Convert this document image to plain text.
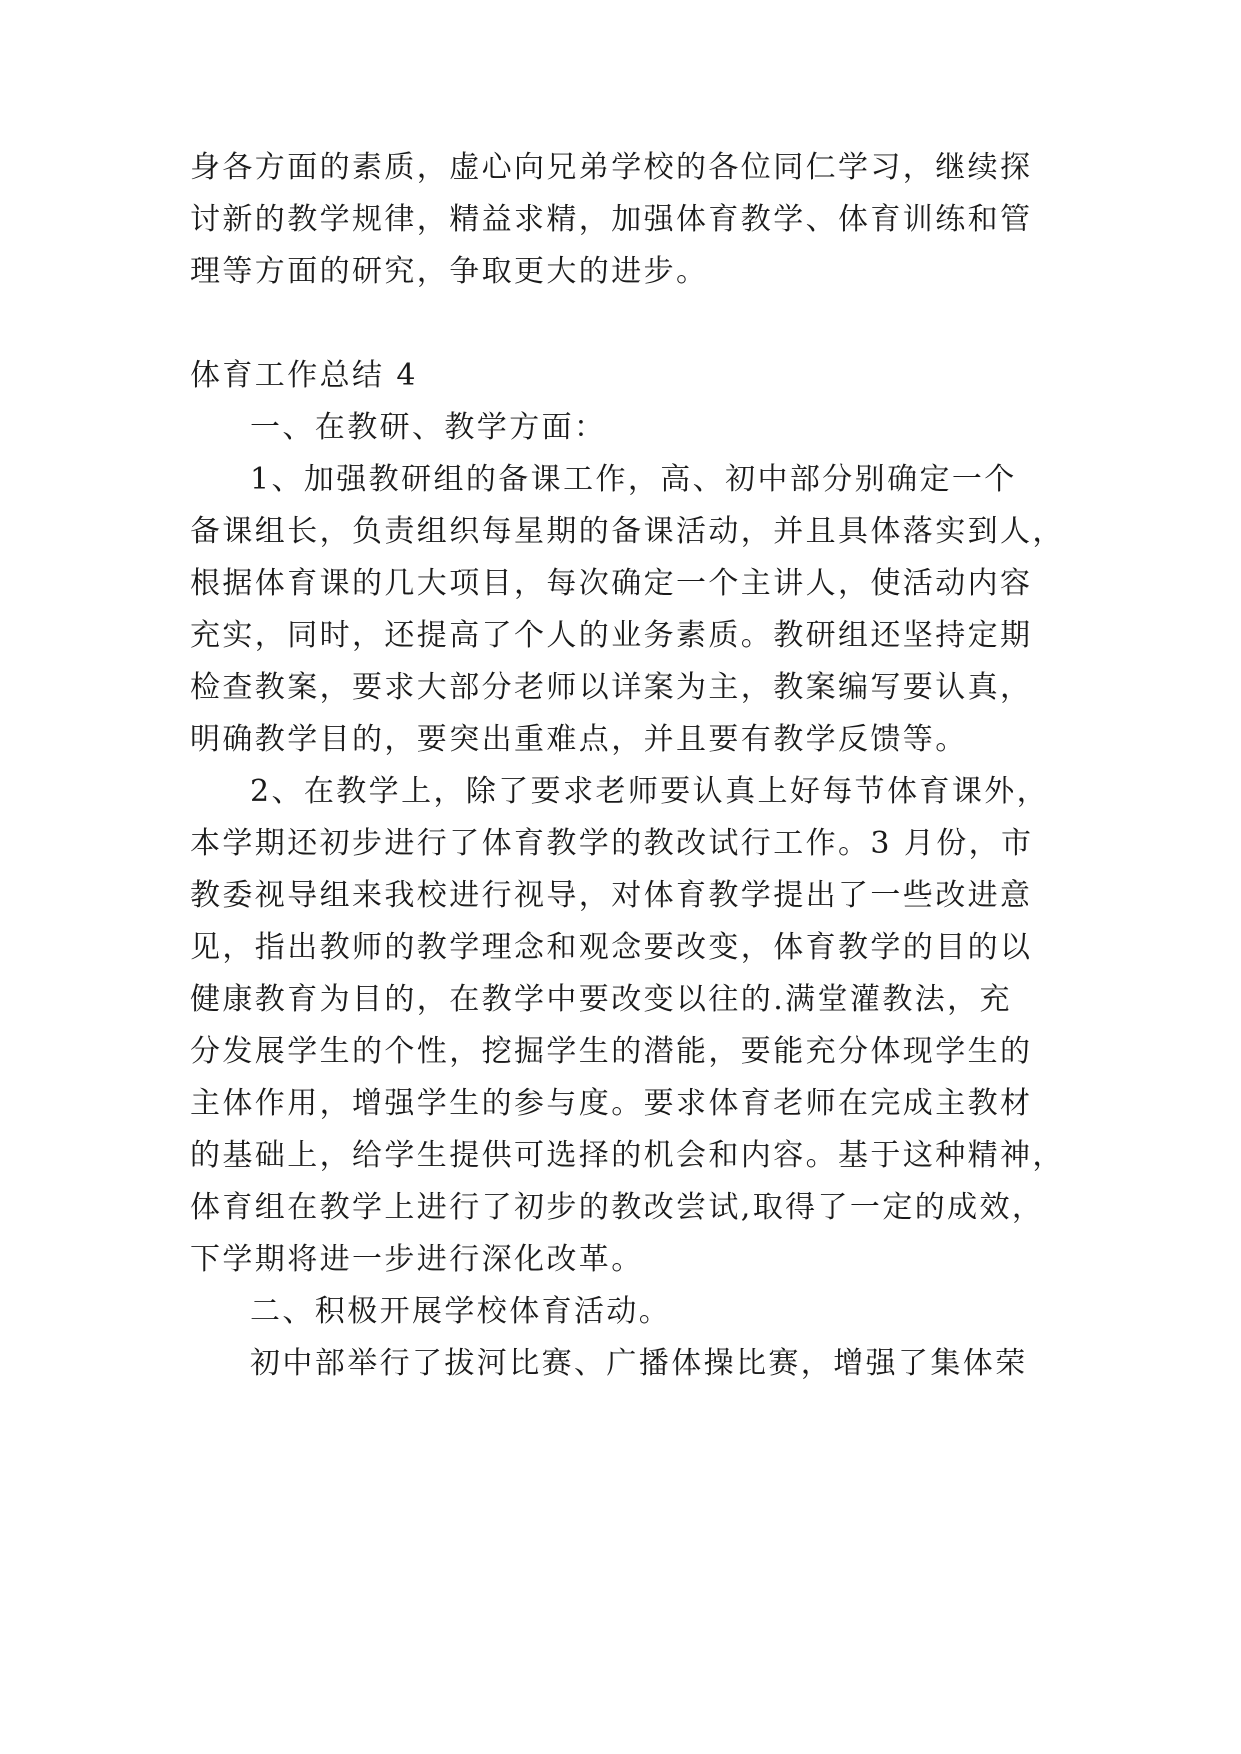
身各方面的素质，虚心向兄弟学校的各位同仁学习，继续探
讨新的教学规律，精益求精，加强体育教学、体育训练和管
理等方面的研究，争取更大的进步。
体育工作总结 4
一、在教研、教学方面：
1、加强教研组的备课工作，高、初中部分别确定一个
备课组长，负责组织每星期的备课活动，并且具体落实到人，
根据体育课的几大项目，每次确定一个主讲人，使活动内容
充实，同时，还提高了个人的业务素质。教研组还坚持定期
检查教案，要求大部分老师以详案为主，教案编写要认真，
明确教学目的，要突出重难点，并且要有教学反馈等。
2、在教学上，除了要求老师要认真上好每节体育课外，
本学期还初步进行了体育教学的教改试行工作。3 月份，市
教委视导组来我校进行视导，对体育教学提出了一些改进意
见，指出教师的教学理念和观念要改变，体育教学的目的以
健康教育为目的，在教学中要改变以往的.满堂灌教法，充
分发展学生的个性，挖掘学生的潜能，要能充分体现学生的
主体作用，增强学生的参与度。要求体育老师在完成主教材
的基础上，给学生提供可选择的机会和内容。基于这种精神，
体育组在教学上进行了初步的教改尝试,取得了一定的成效，
下学期将进一步进行深化改革。
二、积极开展学校体育活动。
初中部举行了拔河比赛、广播体操比赛，增强了集体荣
